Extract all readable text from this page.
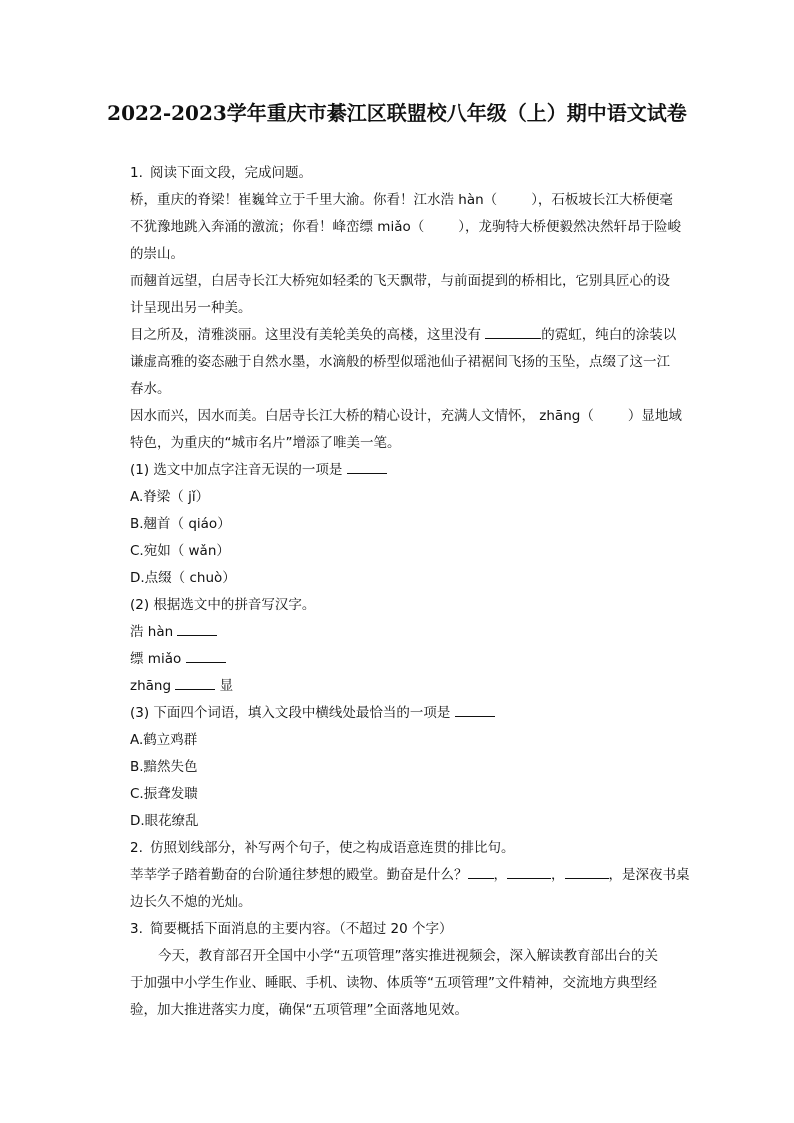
2022-2023学年重庆市綦江区联盟校八年级（上）期中语文试卷
1. 阅读下面文段，完成问题。
桥，重庆的脊梁！崔巍耸立于千里大渝。你看！江水浩 hàn（	），石板坡长江大桥便毫
不犹豫地跳入奔涌的激流；你看！峰峦缥 miǎo（	），龙驹特大桥便毅然决然轩昂于险峻
的崇山。
而翹首远望，白居寺长江大桥宛如轻柔的飞天飘带，与前面提到的桥相比，它别具匠心的设
计呈现出另一种美。
目之所及，清雅淡丽。这里没有美轮美奂的高楼，这里没有	的霓虹，纯白的涂装以
谦虚高雅的姿态融于自然水墨，水滴般的桥型似瑶池仙子裙裾间飞扬的玉坠，点缀了这一江
春水。
因水而兴，因水而美。白居寺长江大桥的精心设计，充满人文情怀， zhāng（	）显地域
特色，为重庆的“城市名片”增添了唯美一笔。
(1) 选文中加点字注音无误的一项是
A.脊梁（ jǐ）
B.翹首（ qiáo）
C.宛如（ wǎn）
D.点缀（ chuò）
(2) 根据选文中的拼音写汉字。
浩 hàn
缥 miǎo
zhāng	显
(3) 下面四个词语，填入文段中横线处最恰当的一项是
A.鹤立鸡群
B.黯然失色
C.振聋发聩
D.眼花缭乱
2. 仿照划线部分，补写两个句子，使之构成语意连贯的排比句。
莘莘学子踏着勤奋的台阶通往梦想的殿堂。勤奋是什么？ ，	，	，是深夜书桌
边长久不熄的光灿。
3. 简要概括下面消息的主要内容。（不超过 20 个字）
今天，教育部召开全国中小学“五项管理”落实推进视频会，深入解读教育部出台的关
于加强中小学生作业、睡眠、手机、读物、体质等“五项管理”文件精神，交流地方典型经
验，加大推进落实力度，确保“五项管理”全面落地见效。
